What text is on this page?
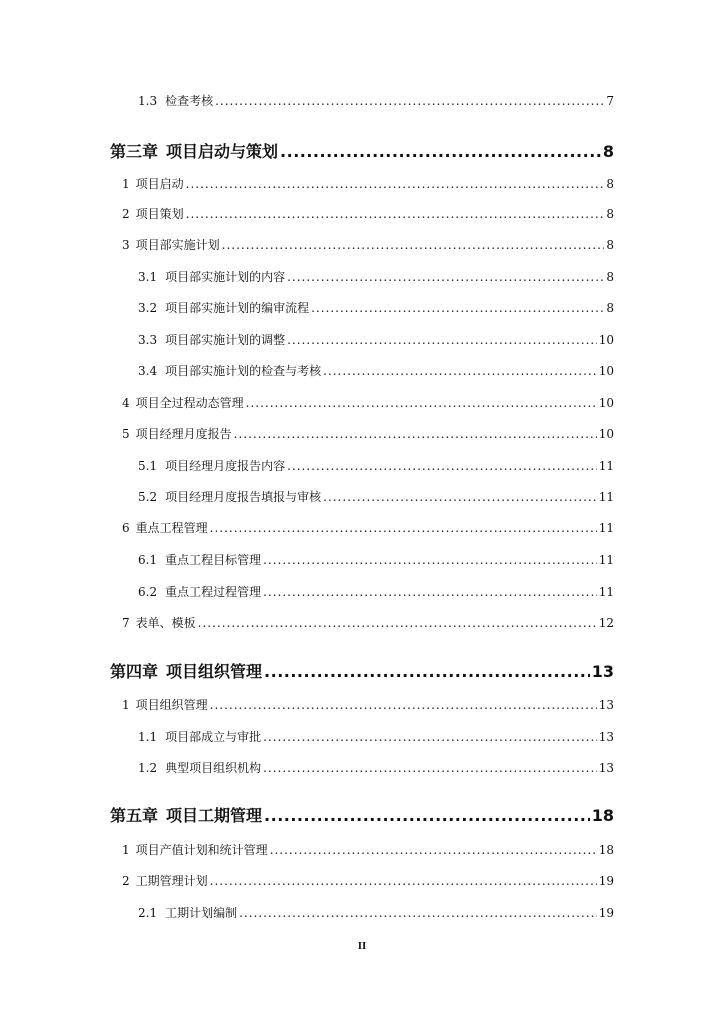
1.3 检查考核 .....	7
第三章 项目启动与策划 .....	8
1 项目启动 .....	8
2 项目策划 .....	8
3 项目部实施计划 .....	8
3.1 项目部实施计划的内容 .....	8
3.2 项目部实施计划的编审流程 .....	8
3.3 项目部实施计划的调整 .....	10
3.4 项目部实施计划的检查与考核 .....	10
4 项目全过程动态管理 .....	10
5 项目经理月度报告 .....	10
5.1 项目经理月度报告内容 .....	11
5.2 项目经理月度报告填报与审核 .....	11
6 重点工程管理 .....	11
6.1 重点工程目标管理 .....	11
6.2 重点工程过程管理 .....	11
7 表单、模板 .....	12
第四章 项目组织管理 .....	13
1 项目组织管理 .....	13
1.1 项目部成立与审批 .....	13
1.2 典型项目组织机构 .....	13
第五章 项目工期管理 .....	18
1 项目产值计划和统计管理 .....	18
2 工期管理计划 .....	19
2.1 工期计划编制 .....	19
II
